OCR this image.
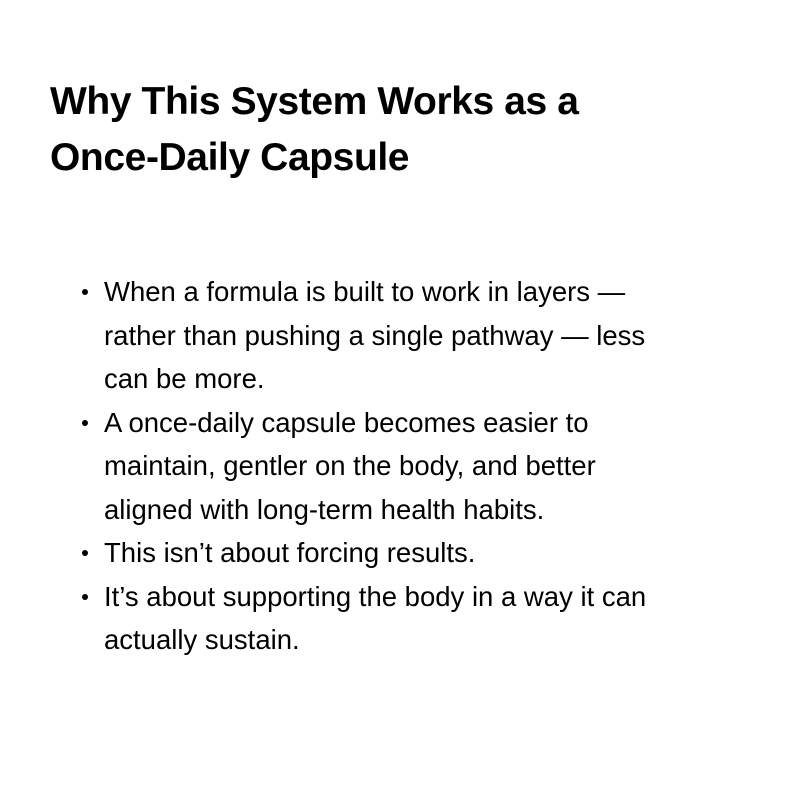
Why This System Works as a
Once-Daily Capsule
When a formula is built to work in layers —
rather than pushing a single pathway — less
can be more.
A once-daily capsule becomes easier to
maintain, gentler on the body, and better
aligned with long-term health habits.
This isn’t about forcing results.
It’s about supporting the body in a way it can
actually sustain.
